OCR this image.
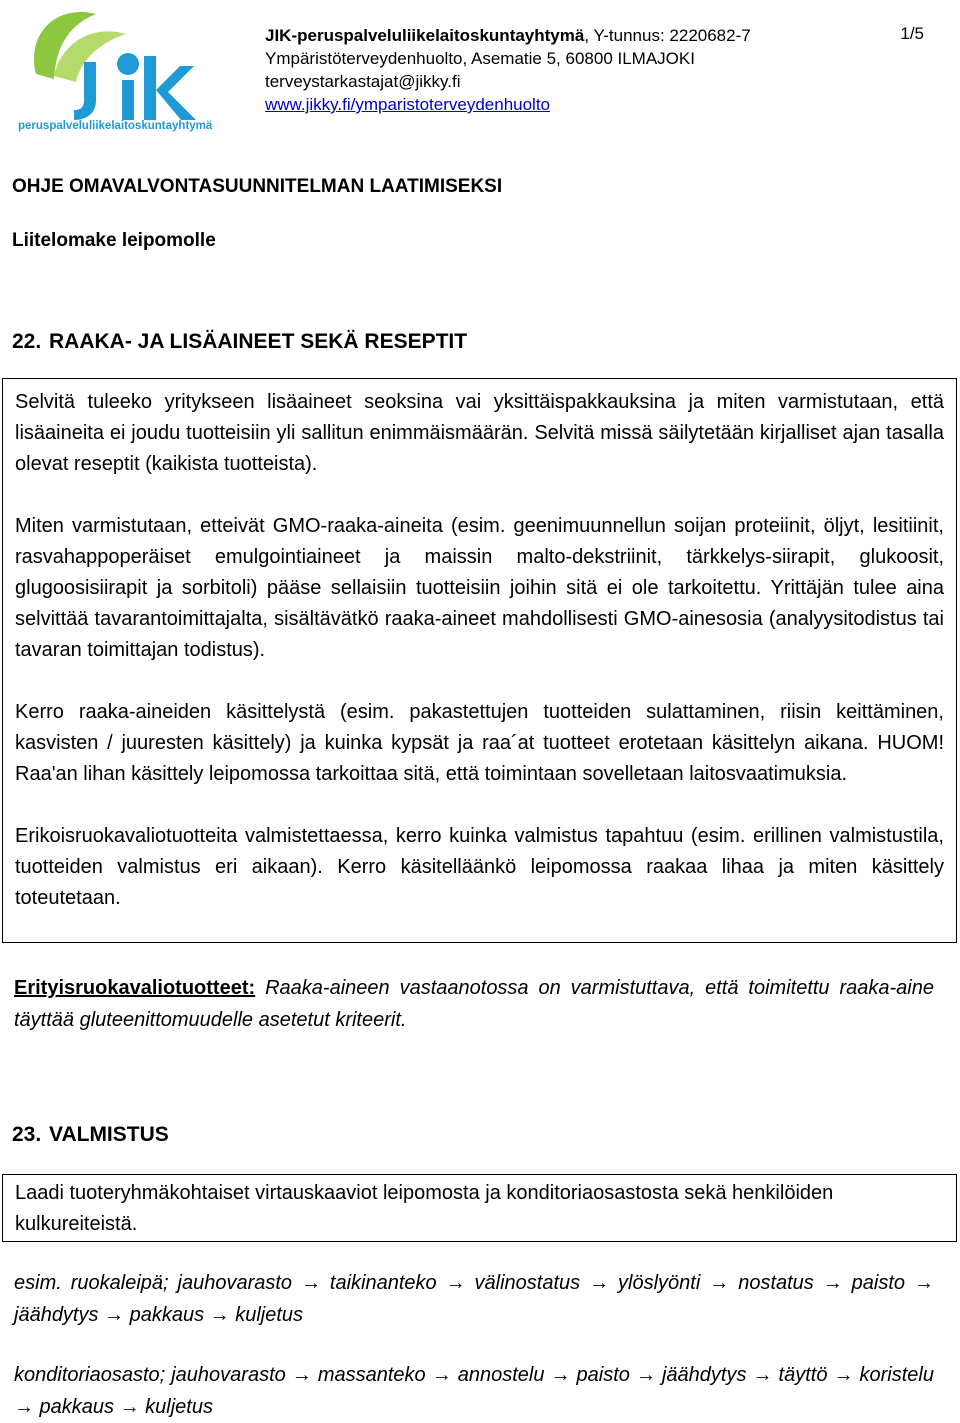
peruspalveluliikelaitoskuntayhtymä
JIK-peruspalveluliikelaitoskuntayhtymä, Y-tunnus: 2220682-7
Ympäristöterveydenhuolto, Asematie 5, 60800 ILMAJOKI
terveystarkastajat@jikky.fi
www.jikky.fi/ymparistoterveydenhuolto
1/5
OHJE OMAVALVONTASUUNNITELMAN LAATIMISEKSI
Liitelomake leipomolle
22. RAAKA- JA LISÄAINEET SEKÄ RESEPTIT

Selvitä tuleeko yritykseen lisäaineet seoksina vai yksittäispakkauksina ja miten varmistutaan, että lisäaineita ei joudu tuotteisiin yli sallitun enimmäismäärän. Selvitä missä säilytetään kirjalliset ajan tasalla olevat reseptit (kaikista tuotteista).

Miten varmistutaan, etteivät GMO-raaka-aineita (esim. geenimuunnellun soijan proteiinit, öljyt, lesitiinit, rasvahappoperäiset emulgointiaineet ja maissin malto-dekstriinit, tärkkelys-siirapit, glukoosit, glugoosisiirapit ja sorbitoli) pääse sellaisiin tuotteisiin joihin sitä ei ole tarkoitettu. Yrittäjän tulee aina selvittää tavarantoimittajalta, sisältävätkö raaka-aineet mahdollisesti GMO-ainesosia (analyysitodistus tai tavaran toimittajan todistus).

Kerro raaka-aineiden käsittelystä (esim. pakastettujen tuotteiden sulattaminen, riisin keittäminen, kasvisten / juuresten käsittely) ja kuinka kypsät ja raa´at tuotteet erotetaan käsittelyn aikana. HUOM! Raa'an lihan käsittely leipomossa tarkoittaa sitä, että toimintaan sovelletaan laitosvaatimuksia.

Erikoisruokavaliotuotteita valmistettaessa, kerro kuinka valmistus tapahtuu (esim. erillinen valmistustila, tuotteiden valmistus eri aikaan). Kerro käsitelläänkö leipomossa raakaa lihaa ja miten käsittely toteutetaan.

Erityisruokavaliotuotteet: Raaka-aineen vastaanotossa on varmistuttava, että toimitettu raaka-aine täyttää gluteenittomuudelle asetetut kriteerit.
23. VALMISTUS

Laadi tuoteryhmäkohtaiset virtauskaaviot leipomosta ja konditoriaosastosta sekä henkilöiden kulkureiteistä.

esim. ruokaleipä; jauhovarasto → taikinanteko → välinostatus → ylöslyönti → nostatus → paisto → jäähdytys → pakkaus → kuljetus
konditoriaosasto; jauhovarasto → massanteko → annostelu → paisto → jäähdytys → täyttö → koristelu → pakkaus → kuljetus
